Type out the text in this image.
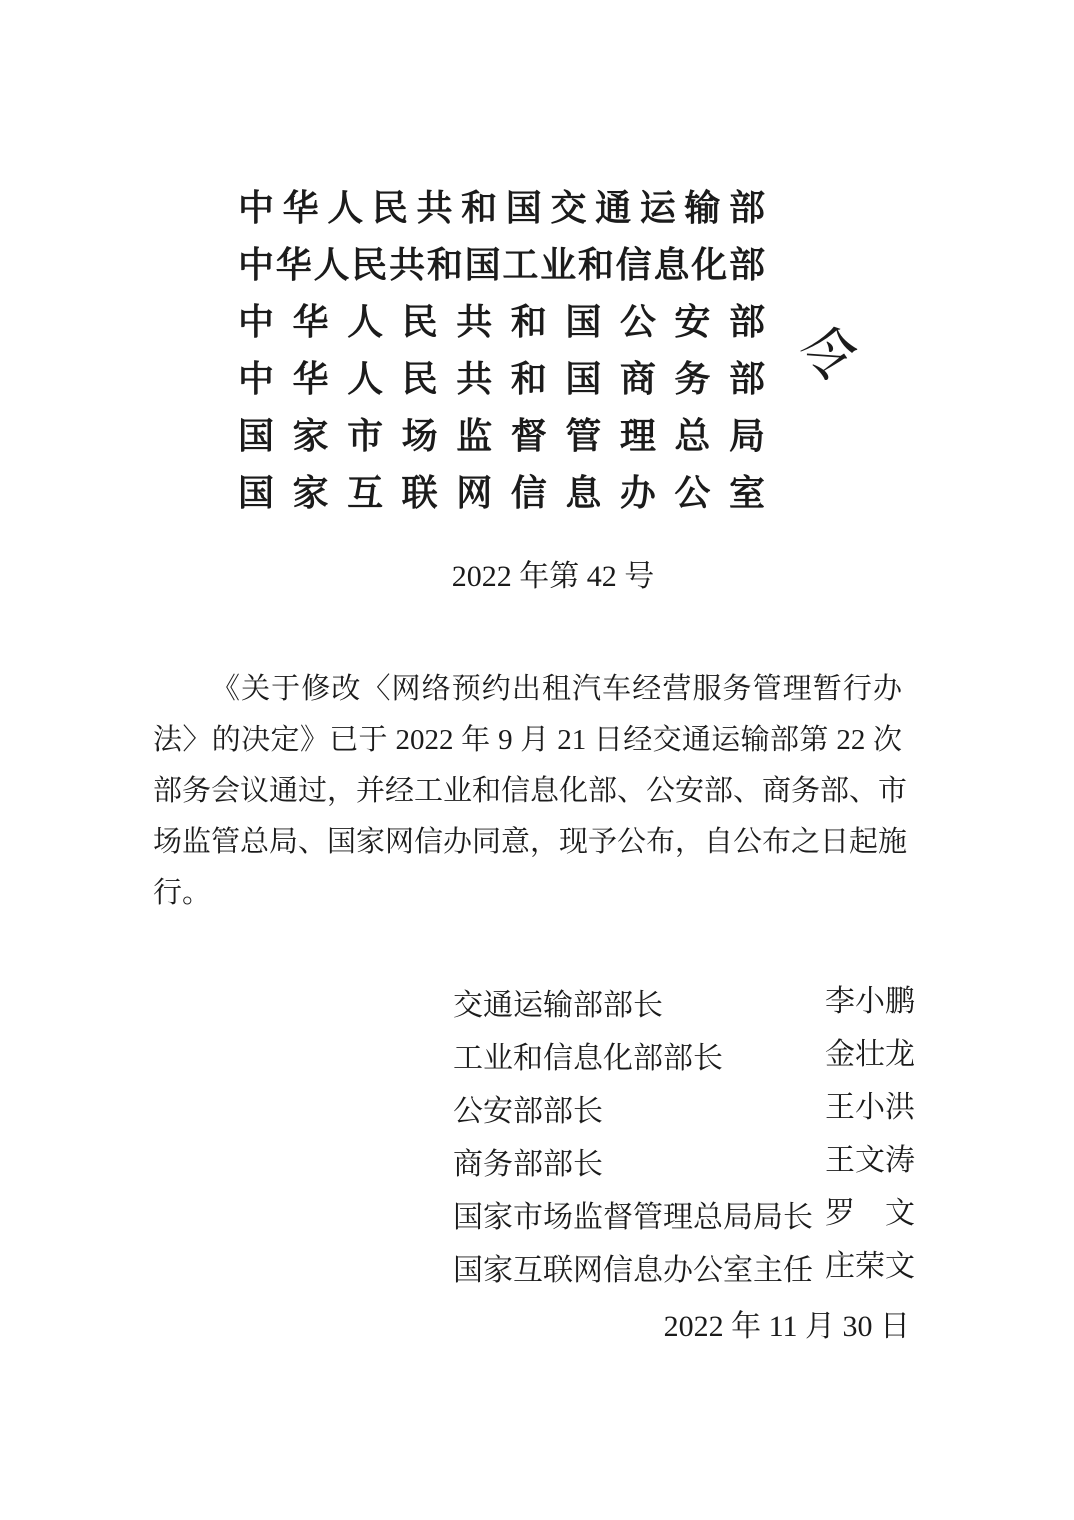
中华人民共和国交通运输部
中华人民共和国工业和信息化部
中华人民共和国公安部
中华人民共和国商务部
国家市场监督管理总局
国家互联网信息办公室
令
2022 年第 42 号
《关于修改〈网络预约出租汽车经营服务管理暂行办
法〉的决定》已于 2022 年 9 月 21 日经交通运输部第 22 次
部务会议通过，并经工业和信息化部、公安部、商务部、市
场监管总局、国家网信办同意，现予公布，自公布之日起施
行。
交通运输部部长	李小鹏
工业和信息化部部长	金壮龙
公安部部长	王小洪
商务部部长	王文涛
国家市场监督管理总局局长 罗文
国家互联网信息办公室主任 庄荣文
2022 年 11 月 30 日
